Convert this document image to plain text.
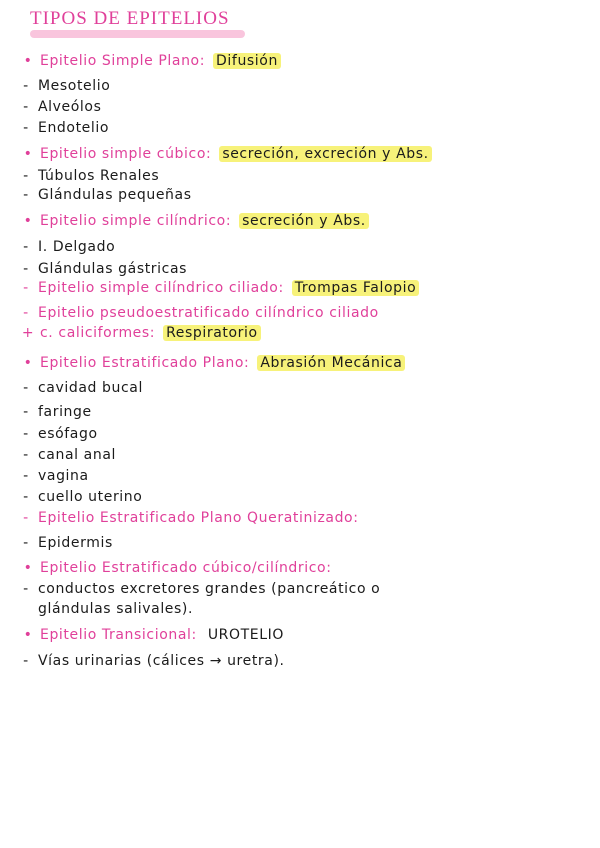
TIPOS DE EPITELIOS
• Epitelio Simple Plano: Difusión
- Mesotelio
- Alveólos
- Endotelio
• Epitelio simple cúbico: secreción, excreción y Abs.
- Túbulos Renales
- Glándulas pequeñas
• Epitelio simple cilíndrico: secreción y Abs.
- I. Delgado
- Glándulas gástricas
- Epitelio simple cilíndrico ciliado: Trompas Falopio
- Epitelio pseudoestratificado cilíndrico ciliado
+ c. caliciformes: Respiratorio
• Epitelio Estratificado Plano: Abrasión Mecánica
- cavidad bucal
- faringe
- esófago
- canal anal
- vagina
- cuello uterino
- Epitelio Estratificado Plano Queratinizado:
- Epidermis
• Epitelio Estratificado cúbico/cilíndrico:
- conductos excretores grandes (pancreático o
glándulas salivales).
• Epitelio Transicional: UROTELIO
- Vías urinarias (cálices → uretra).
